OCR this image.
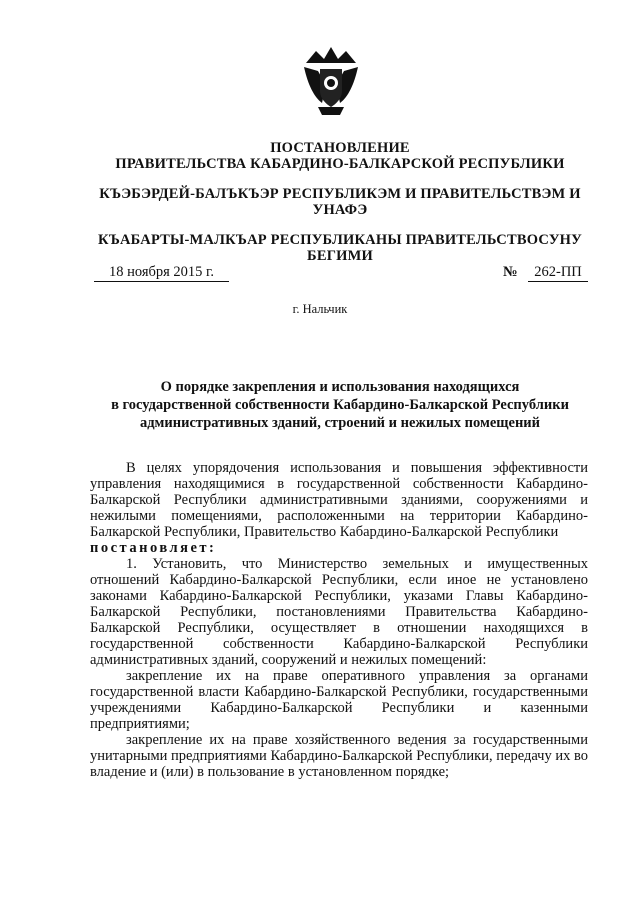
ПОСТАНОВЛЕНИЕ
ПРАВИТЕЛЬСТВА КАБАРДИНО-БАЛКАРСКОЙ РЕСПУБЛИКИ
КЪЭБЭРДЕЙ-БАЛЪКЪЭР РЕСПУБЛИКЭМ И ПРАВИТЕЛЬСТВЭМ И
УНАФЭ
КЪАБАРТЫ-МАЛКЪАР РЕСПУБЛИКАНЫ ПРАВИТЕЛЬСТВОСУНУ
БЕГИМИ
18 ноября 2015 г.	№	262-ПП
г. Нальчик
О порядке закрепления и использования находящихся
в государственной собственности Кабардино-Балкарской Республики
административных зданий, строений и нежилых помещений

В целях упорядочения использования и повышения эффективности управления находящимися в государственной собственности Кабардино-Балкарской Республики административными зданиями, сооружениями и нежилыми помещениями, расположенными на территории Кабардино-Балкарской Республики, Правительство Кабардино-Балкарской Республики

постановляет:

1. Установить, что Министерство земельных и имущественных отношений Кабардино-Балкарской Республики, если иное не установлено законами Кабардино-Балкарской Республики, указами Главы Кабардино-Балкарской Республики, постановлениями Правительства Кабардино-Балкарской Республики, осуществляет в отношении находящихся в государственной собственности Кабардино-Балкарской Республики административных зданий, сооружений и нежилых помещений:

закрепление их на праве оперативного управления за органами государственной власти Кабардино-Балкарской Республики, государственными учреждениями Кабардино-Балкарской Республики и казенными предприятиями;

закрепление их на праве хозяйственного ведения за государственными унитарными предприятиями Кабардино-Балкарской Республики, передачу их во владение и (или) в пользование в установленном порядке;
